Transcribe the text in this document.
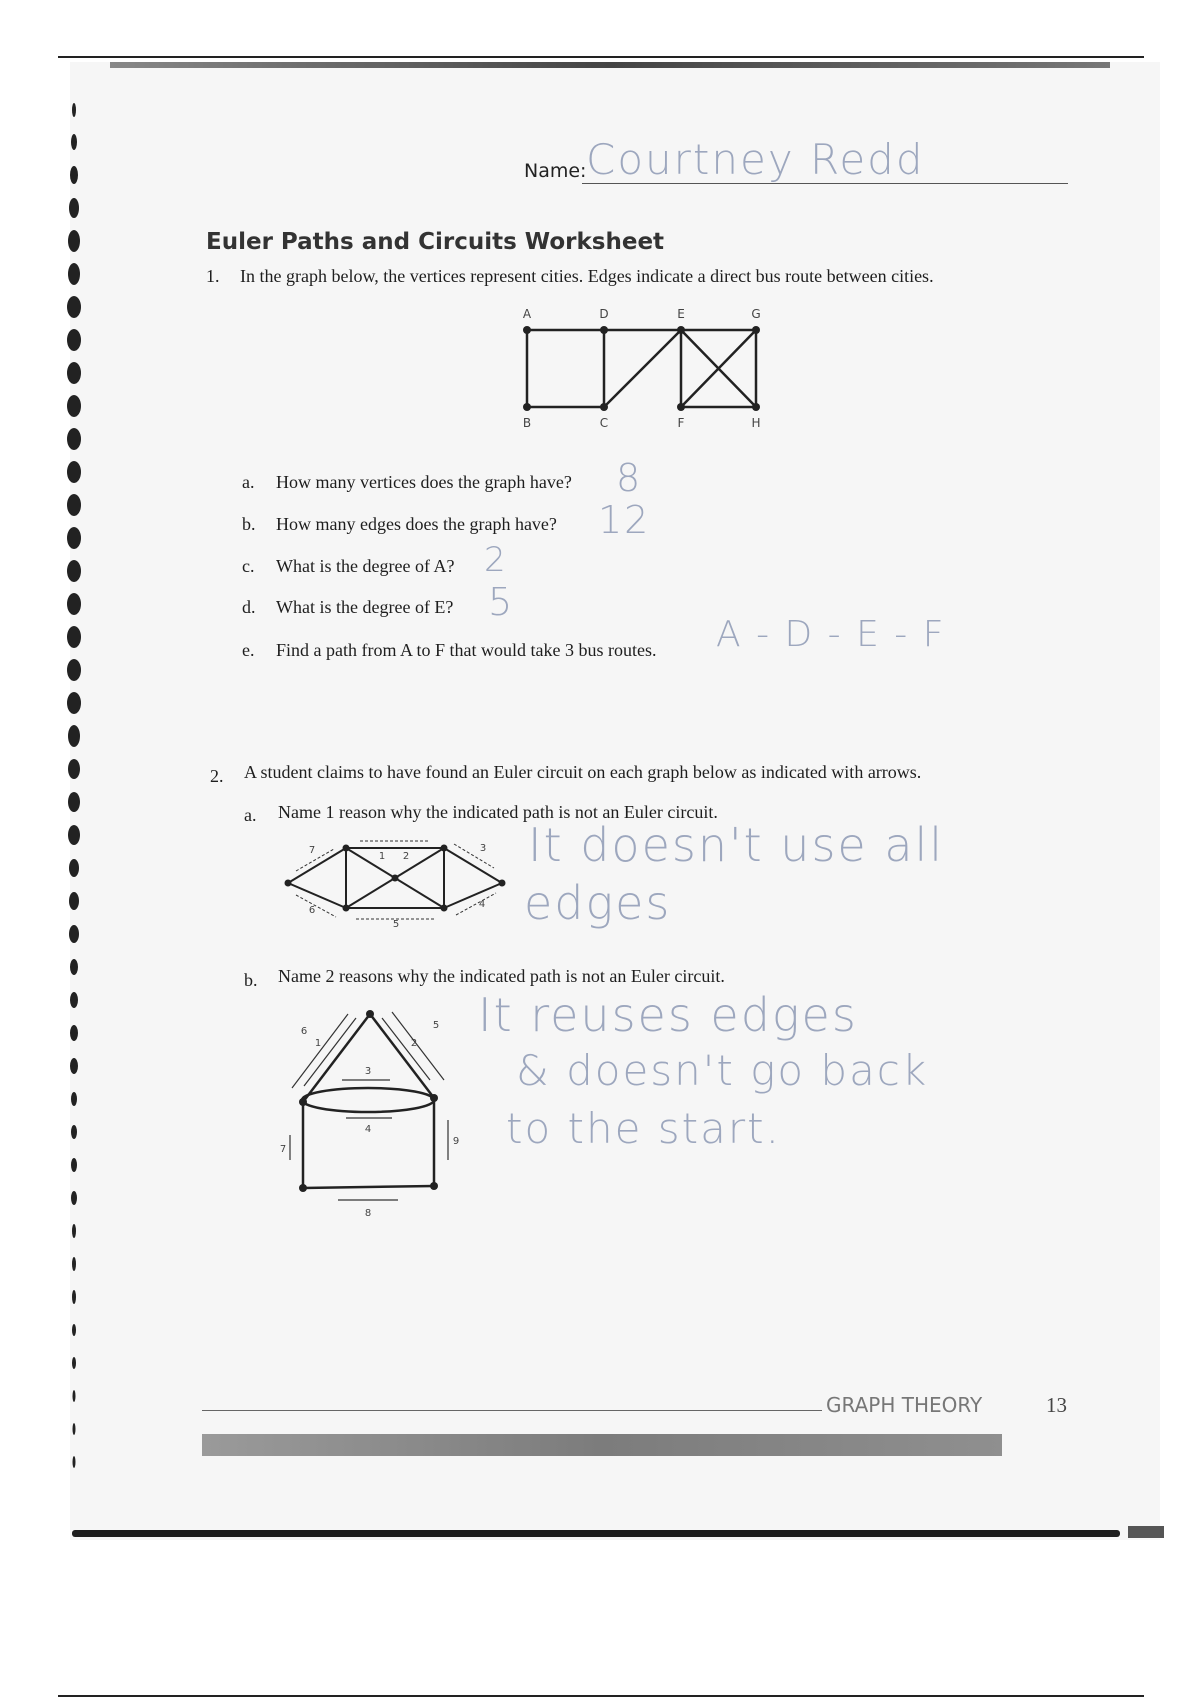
Name: Courtney Redd
Euler Paths and Circuits Worksheet
1. In the graph below, the vertices represent cities. Edges indicate a direct bus route between cities.
A	D	E	G
B	C	F	H
a. How many vertices does the graph have? 8
b. How many edges does the graph have? 12
c. What is the degree of A? 2
d. What is the degree of E? 5
e. Find a path from A to F that would take 3 bus routes. A - D - E - F
2. A student claims to have found an Euler circuit on each graph below as indicated with arrows.
a. Name 1 reason why the indicated path is not an Euler circuit.
7
1 2
3
6
5
4
It doesn't use all
edges
b. Name 2 reasons why the indicated path is not an Euler circuit.
6
1	2
5
3
4
7
9
8
It reuses edges
& doesn't go back
to the start.
GRAPH THEORY	13
